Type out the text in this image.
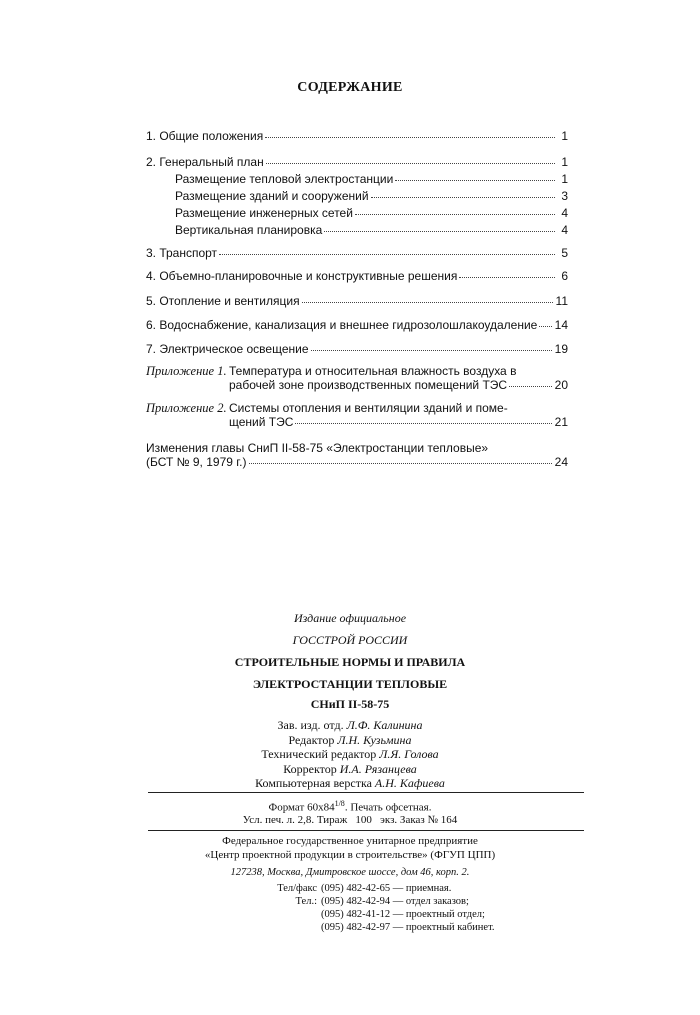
СОДЕРЖАНИЕ
1. Общие положения	1
2. Генеральный план	1
Размещение тепловой электростанции	1
Размещение зданий и сооружений	3
Размещение инженерных сетей	4
Вертикальная планировка	4
3. Транспорт	5
4. Объемно-планировочные и конструктивные решения	6
5. Отопление и вентиляция	11
6. Водоснабжение, канализация и внешнее гидрозолошлакоудаление 14
7. Электрическое освещение	19
Приложение 1. Температура и относительная влажность воздуха в
рабочей зоне производственных помещений ТЭС	20
Приложение 2. Системы отопления и вентиляции зданий и поме-
щений ТЭС	21
Изменения главы СниП II-58-75 «Электростанции тепловые»
(БСТ № 9, 1979 г.)	24
Издание официальное
ГОССТРОЙ РОССИИ
СТРОИТЕЛЬНЫЕ НОРМЫ И ПРАВИЛА
ЭЛЕКТРОСТАНЦИИ ТЕПЛОВЫЕ
СНиП II-58-75
Зав. изд. отд. Л.Ф. Калинина
Редактор Л.Н. Кузьмина
Технический редактор Л.Я. Голова
Корректор И.А. Рязанцева
Компьютерная верстка А.Н. Кафиева
Формат $60х84^{1/8}$. Печать офсетная.
Усл. печ. л. 2,8. Тираж   100   экз. Заказ № 164
Федеральное государственное унитарное предприятие
«Центр проектной продукции в строительстве» (ФГУП ЦПП)
127238, Москва, Дмитровское шоссе, дом 46, корп. 2.
Тел/факс (095) 482-42-65 — приемная.
Тел.: (095) 482-42-94 — отдел заказов;
(095) 482-41-12 — проектный отдел;
(095) 482-42-97 — проектный кабинет.
